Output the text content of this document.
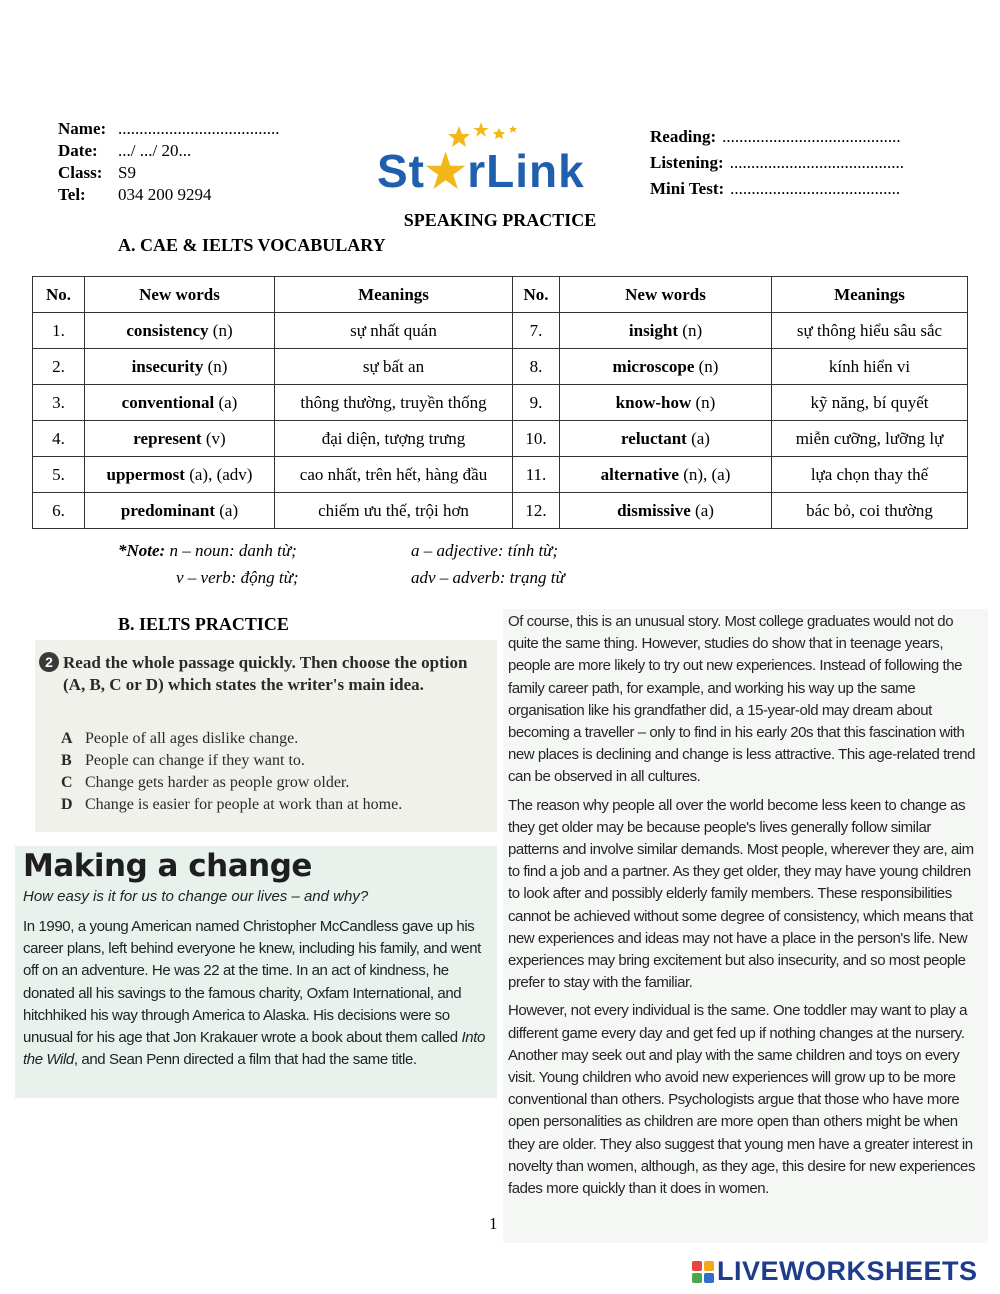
Name: ......................................
Date:	.../ .../ 20...
Class: S9
Tel:	034 200 9294	St★rLink
Reading: ..........................................
Listening: .........................................
Mini Test: ........................................
SPEAKING PRACTICE
A. CAE & IELTS VOCABULARY
No.	New words	Meanings	No.	New words	Meanings
1.	consistency (n)	sự nhất quán	7.	insight (n)	sự thông hiểu sâu sắc
2.	insecurity (n)	sự bất an	8.	microscope (n)	kính hiển vi
3.	conventional (a)	thông thường, truyền thống	9.	know-how (n)	kỹ năng, bí quyết
4.	represent (v)	đại diện, tượng trưng	10.	reluctant (a)	miễn cưỡng, lưỡng lự
5.	uppermost (a), (adv)	cao nhất, trên hết, hàng đầu	11.	alternative (n), (a)	lựa chọn thay thế
6.	predominant (a)	chiếm ưu thế, trội hơn	12.	dismissive (a)	bác bỏ, coi thường
*Note: n – noun: danh từ;	a – adjective: tính từ;
v – verb: động từ;	adv – adverb: trạng từ
B. IELTS PRACTICE
2 Read the whole passage quickly. Then choose the option (A, B, C or D) which states the writer's main idea.
A People of all ages dislike change.
B People can change if they want to.
C Change gets harder as people grow older.
D Change is easier for people at work than at home.
Making a change
How easy is it for us to change our lives – and why?
In 1990, a young American named Christopher McCandless gave up his career plans, left behind everyone he knew, including his family, and went off on an adventure. He was 22 at the time. In an act of kindness, he donated all his savings to the famous charity, Oxfam International, and hitchhiked his way through America to Alaska. His decisions were so unusual for his age that Jon Krakauer wrote a book about them called Into the Wild, and Sean Penn directed a film that had the same title.

Of course, this is an unusual story. Most college graduates would not do quite the same thing. However, studies do show that in teenage years, people are more likely to try out new experiences. Instead of following the family career path, for example, and working his way up the same organisation like his grandfather did, a 15-year-old may dream about becoming a traveller – only to find in his early 20s that this fascination with new places is declining and change is less attractive. This age-related trend can be observed in all cultures.

The reason why people all over the world become less keen to change as they get older may be because people's lives generally follow similar patterns and involve similar demands. Most people, wherever they are, aim to find a job and a partner. As they get older, they may have young children to look after and possibly elderly family members. These responsibilities cannot be achieved without some degree of consistency, which means that new experiences and ideas may not have a place in the person's life. New experiences may bring excitement but also insecurity, and so most people prefer to stay with the familiar.

However, not every individual is the same. One toddler may want to play a different game every day and get fed up if nothing changes at the nursery. Another may seek out and play with the same children and toys on every visit. Young children who avoid new experiences will grow up to be more conventional than others. Psychologists argue that those who have more open personalities as children are more open than others might be when they are older. They also suggest that young men have a greater interest in novelty than women, although, as they age, this desire for new experiences fades more quickly than it does in women.

1
LIVEWORKSHEETS
